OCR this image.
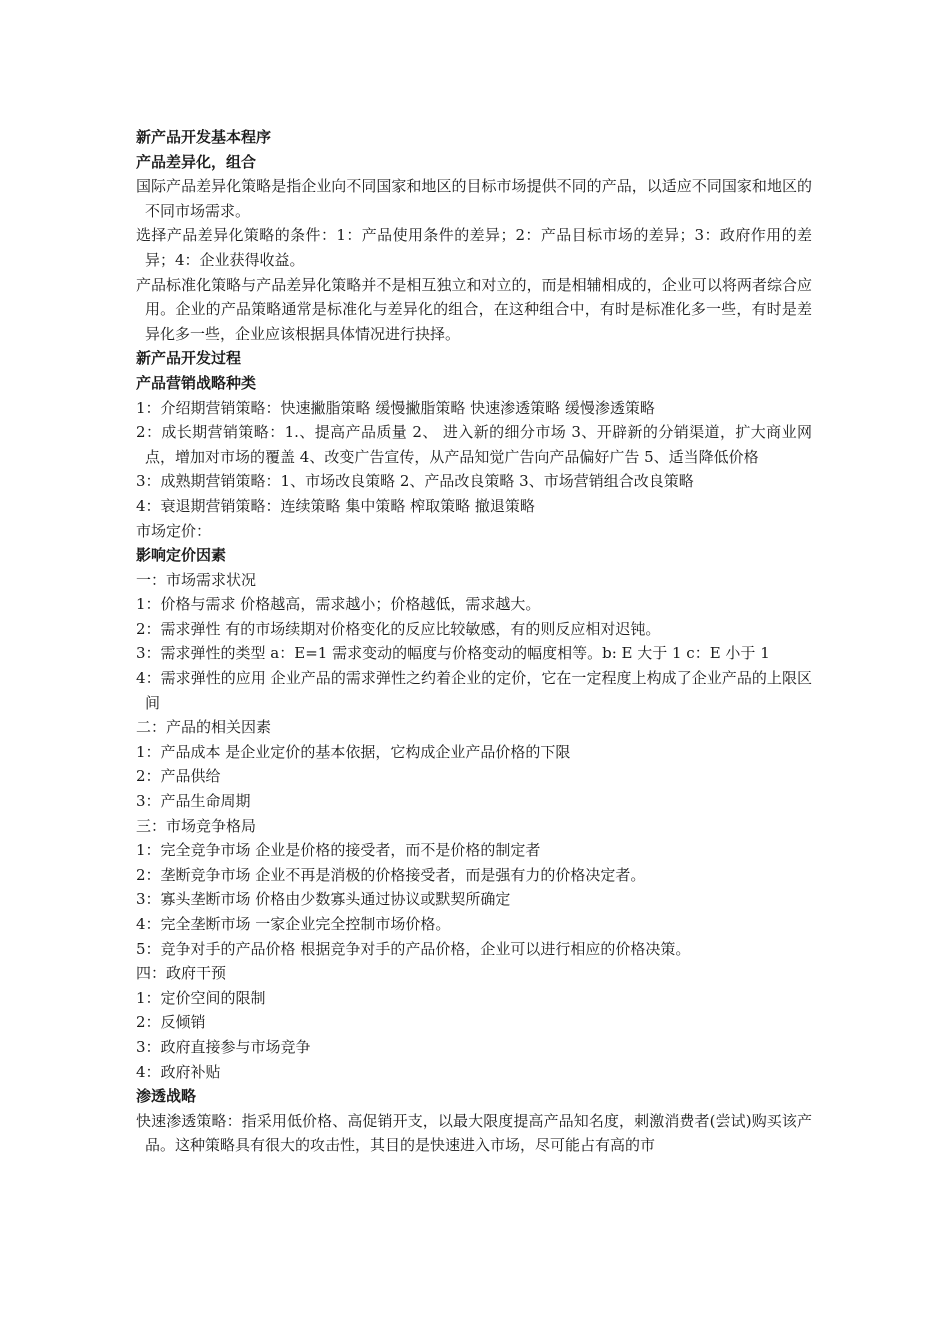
新产品开发基本程序
产品差异化，组合
国际产品差异化策略是指企业向不同国家和地区的目标市场提供不同的产品，以适应不同国家和地区的不同市场需求。
选择产品差异化策略的条件：1：产品使用条件的差异；2：产品目标市场的差异；3：政府作用的差异；4：企业获得收益。
产品标准化策略与产品差异化策略并不是相互独立和对立的，而是相辅相成的，企业可以将两者综合应用。企业的产品策略通常是标准化与差异化的组合，在这种组合中，有时是标准化多一些，有时是差异化多一些，企业应该根据具体情况进行抉择。
新产品开发过程
产品营销战略种类
1：介绍期营销策略：快速撇脂策略 缓慢撇脂策略 快速渗透策略 缓慢渗透策略
2：成长期营销策略：1.、提高产品质量 2、 进入新的细分市场 3、开辟新的分销渠道，扩大商业网点，增加对市场的覆盖 4、改变广告宣传，从产品知觉广告向产品偏好广告 5、适当降低价格
3：成熟期营销策略：1、市场改良策略 2、产品改良策略 3、市场营销组合改良策略
4：衰退期营销策略：连续策略 集中策略 榨取策略 撤退策略
市场定价：
影响定价因素
一：市场需求状况
1：价格与需求 价格越高，需求越小；价格越低，需求越大。
2：需求弹性 有的市场续期对价格变化的反应比较敏感，有的则反应相对迟钝。
3：需求弹性的类型 a：E=1 需求变动的幅度与价格变动的幅度相等。b: E 大于 1 c：E 小于 1
4：需求弹性的应用 企业产品的需求弹性之约着企业的定价，它在一定程度上构成了企业产品的上限区间
二：产品的相关因素
1：产品成本 是企业定价的基本依据，它构成企业产品价格的下限
2：产品供给
3：产品生命周期
三：市场竞争格局
1：完全竞争市场 企业是价格的接受者，而不是价格的制定者
2：垄断竞争市场 企业不再是消极的价格接受者，而是强有力的价格决定者。
3：寡头垄断市场 价格由少数寡头通过协议或默契所确定
4：完全垄断市场 一家企业完全控制市场价格。
5：竞争对手的产品价格 根据竞争对手的产品价格，企业可以进行相应的价格决策。
四：政府干预
1：定价空间的限制
2：反倾销
3：政府直接参与市场竞争
4：政府补贴
渗透战略
快速渗透策略：指采用低价格、高促销开支，以最大限度提高产品知名度，刺激消费者(尝试)购买该产品。这种策略具有很大的攻击性，其目的是快速进入市场，尽可能占有高的市
